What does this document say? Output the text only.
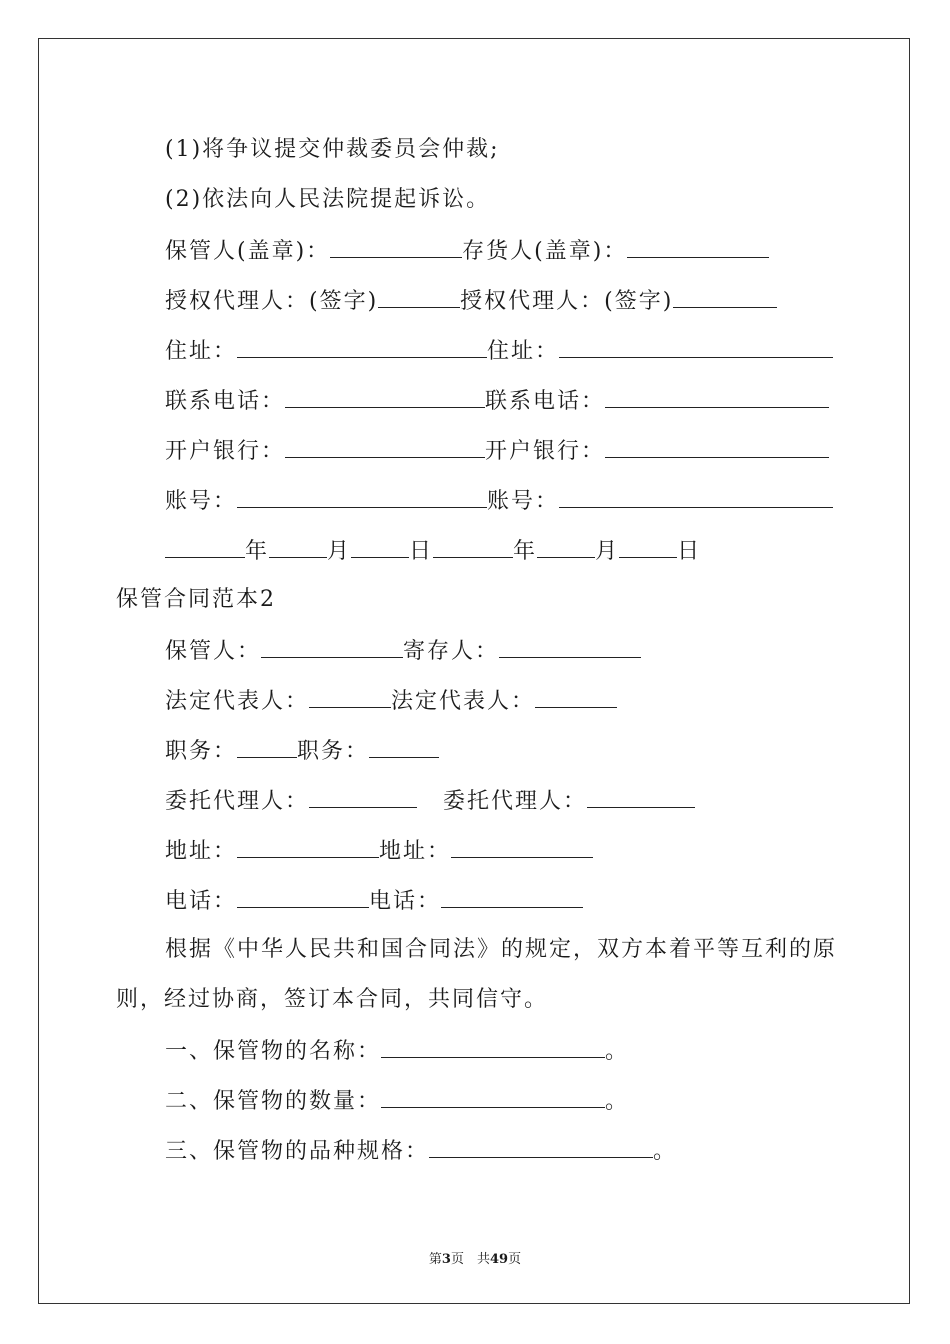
(1)将争议提交仲裁委员会仲裁;
(2)依法向人民法院提起诉讼。
保管人(盖章)：	存货人(盖章)：
授权代理人：(签字)	授权代理人：(签字)
住址：	住址：
联系电话：	联系电话：
开户银行：	开户银行：
账号：	账号：
年	月	日	年	月	日
保管合同范本2
保管人：	寄存人：
法定代表人：	法定代表人：
职务：	职务：
委托代理人：	委托代理人：
地址：	地址：
电话：	电话：
根据《中华人民共和国合同法》的规定，双方本着平等互利的原
则，经过协商，签订本合同，共同信守。
一、保管物的名称：	。
二、保管物的数量：	。
三、保管物的品种规格：	。
第3页　共49页
